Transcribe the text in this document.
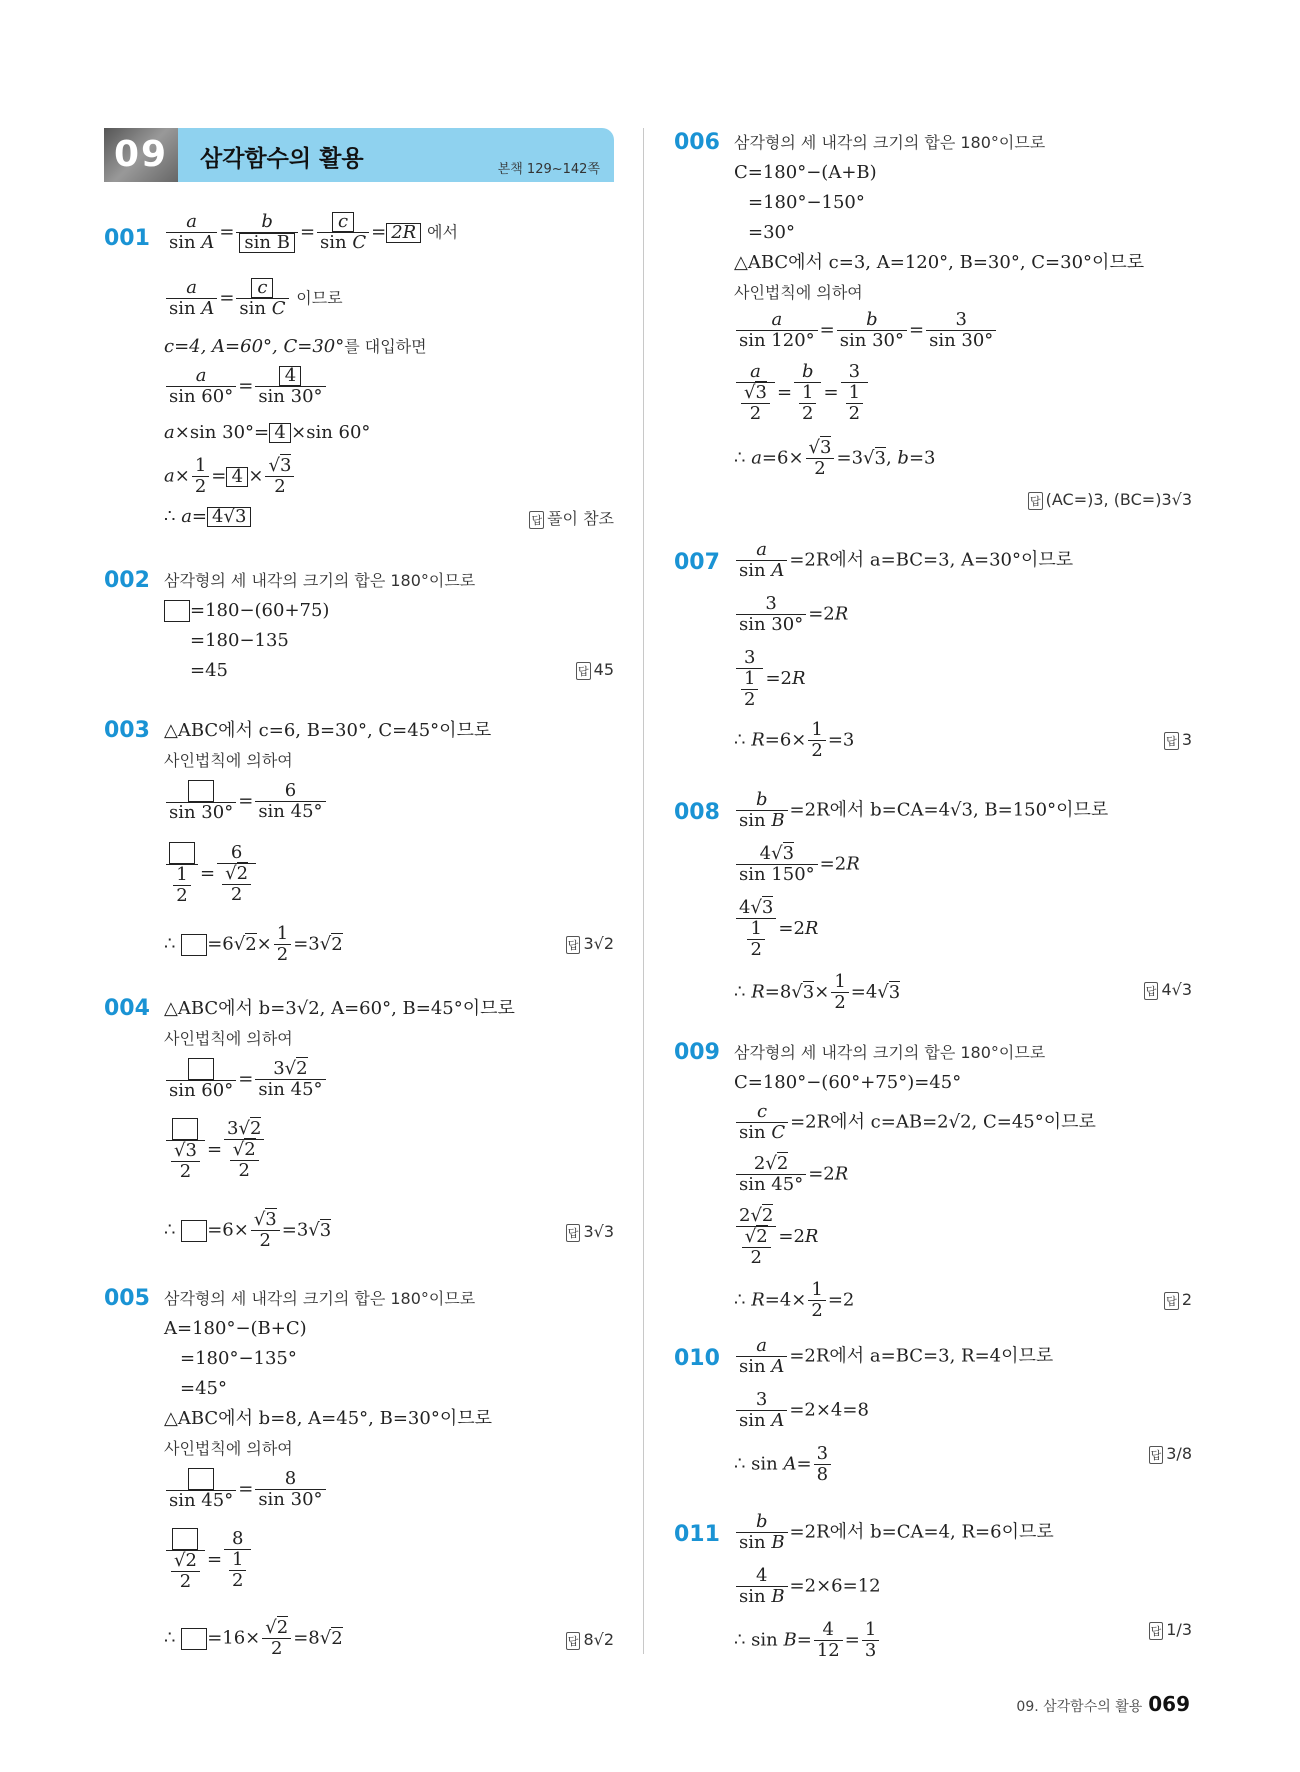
09	삼각함수의 활용	본책 129~142쪽
$001 \frac{a}{\text{sin A}} = \frac{b}{\text{sin B}} = \frac{c}{\text{sin C}} = 2R$ 에서
$\frac{a}{\text{sin A}} = \frac{c}{\text{sin C}}$ 이므로
c=4, A=60°, C=30°를 대입하면
$\frac{a}{\sin 60^\circ} = \frac{4}{\sin 30^\circ}$
a×sin 30°= 4 ×sin 60°
$a\times \frac{1}{2} = 4 \times \frac{√3}{2}$
∴ a= 4√3	답 풀이 참조
002 삼각형의 세 내각의 크기의 합은 180°이므로
=180−(60+75)
=180−135
=45	답 45
003 △ABC에서 c=6, B=30°, C=45°이므로
사인법칙에 의하여
sin 30°
= $\frac{6}{\sin 45^\circ}$
$\frac{1}{2} = \frac{6}{\frac{√2}{2}}$
∴ $=6√2\times \frac{1}{2} =3√2$	답 3√2
004 △ABC에서 b=3√2, A=60°, B=45°이므로
사인법칙에 의하여
sin 60°
= $\frac{3√2}{\sin 45^\circ}$
$\frac{√3}{2} = \frac{3√2}{\frac{√2}{2}}$
∴ $=6\times \frac{√3}{2} =3√3$	답 3√3
005 삼각형의 세 내각의 크기의 합은 180°이므로
A=180°−(B+C)
=180°−135°
=45°
△ABC에서 b=8, A=45°, B=30°이므로
사인법칙에 의하여
sin 45°
= $\frac{8}{\sin 30^\circ}$
$\frac{√2}{2} = \frac{8}{\frac{1}{2}}$
∴ $=16\times \frac{√2}{2} =8√2$	답 8√2
006 삼각형의 세 내각의 크기의 합은 180°이므로
C=180°−(A+B)
=180°−150°
=30°
△ABC에서 c=3, A=120°, B=30°, C=30°이므로
사인법칙에 의하여
$\frac{a}{\sin 120^\circ} = \frac{b}{\sin 30^\circ} = \frac{3}{\sin 30^\circ}$
$\frac{a}{\frac{√3}{2}} = \frac{b}{\frac{1}{2}} = \frac{3}{\frac{1}{2}}$
∴ $a=6\times \frac{√3}{2} =3√3$, b=3
답 (AC=)3, (BC=)3√3
$007 \frac{a}{\text{sin A}} =2R$에서 a=BC=3, A=30°이므로
$\frac{3}{\sin 30^\circ} =2R$
$\frac{3}{\frac{1}{2}} =2R$
∴ $R=6\times \frac{1}{2} =3$	답 3
$008 \frac{b}{\text{sin B}} =2R$에서 b=CA=4√3, B=150°이므로
$\frac{4√3}{\sin 150^\circ} =2R$
$\frac{4√3}{\frac{1}{2}} =2R$
∴ $R=8√3\times \frac{1}{2} =4√3$	답 4√3
009 삼각형의 세 내각의 크기의 합은 180°이므로
C=180°−(60°+75°)=45°
$\frac{c}{\text{sin C}} =2R$에서 c=AB=2√2, C=45°이므로
$\frac{2√2}{\sin 45^\circ} =2R$
$\frac{2√2}{\frac{√2}{2}} =2R$
∴ $R=4\times \frac{1}{2} =2$	답 2
$010 \frac{a}{\text{sin A}} =2R$에서 a=BC=3, R=4이므로
$\frac{3}{\text{sin A}} =2\times 4=8$
∴ $\sin A= \frac{3}{8}$	답 3/8
$011 \frac{b}{\text{sin B}} =2R$에서 b=CA=4, R=6이므로
$\frac{4}{\text{sin B}} =2\times 6=12$
∴ $\sin B= \frac{4}{12} = \frac{1}{3}$	답 1/3
09. 삼각함수의 활용 069
